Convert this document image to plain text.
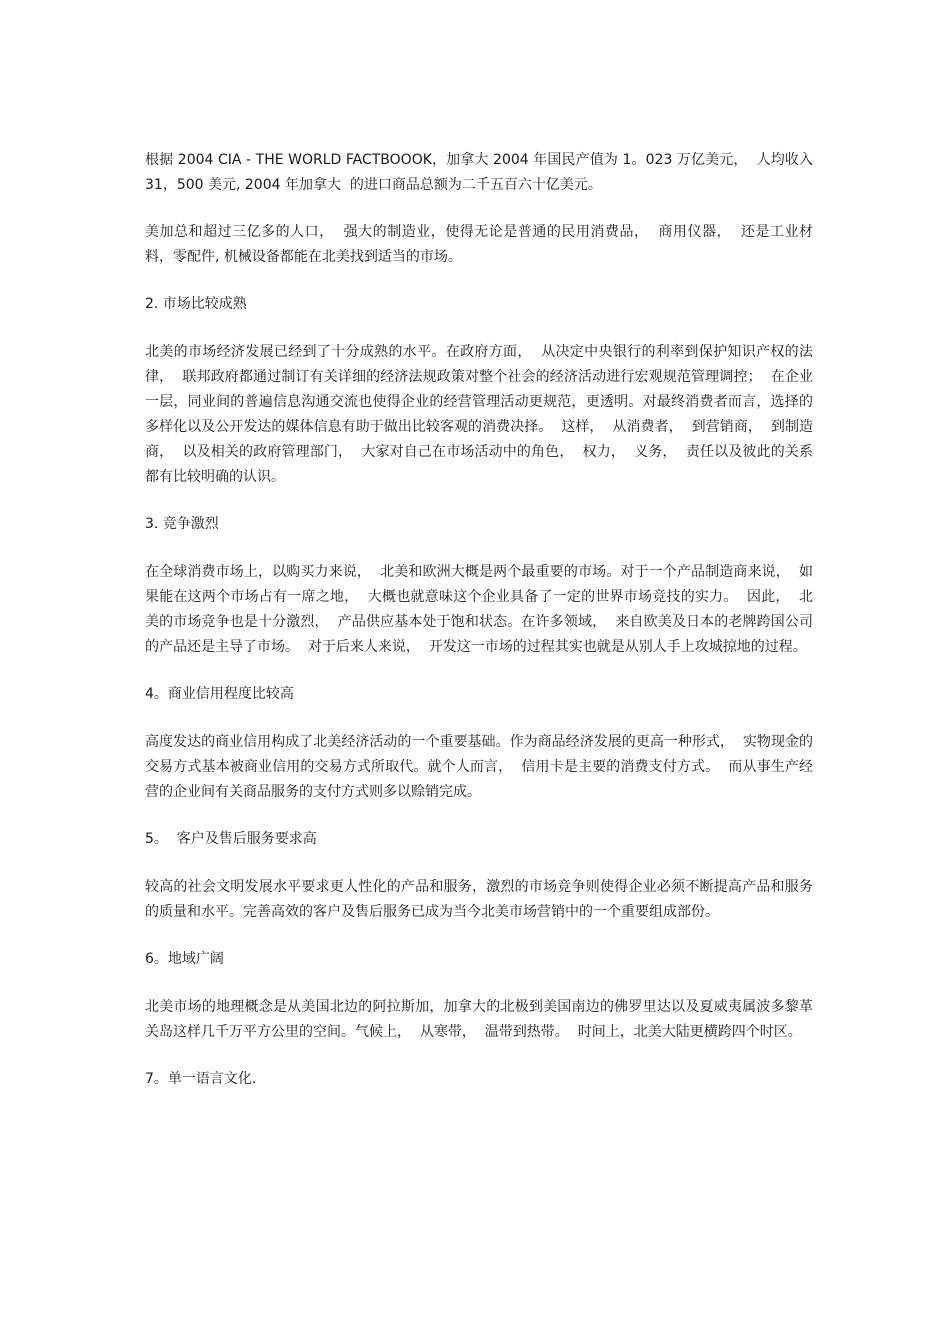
根据 2004 CIA - THE WORLD FACTBOOOK，加拿大 2004 年国民产值为 1。023 万亿美元，  人均收入  31，500 美元, 2004 年加拿大  的进口商品总额为二千五百六十亿美元。

美加总和超过三亿多的人口，  强大的制造业，使得无论是普通的民用消费品，  商用仪器，  还是工业材料，零配件, 机械设备都能在北美找到适当的市场。

2. 市场比较成熟

北美的市场经济发展已经到了十分成熟的水平。在政府方面，  从决定中央银行的利率到保护知识产权的法律，  联邦政府都通过制订有关详细的经济法规政策对整个社会的经济活动进行宏观规范管理调控；  在企业一层，同业间的普遍信息沟通交流也使得企业的经营管理活动更规范，更透明。对最终消费者而言，选择的多样化以及公开发达的媒体信息有助于做出比较客观的消费决择。  这样，  从消费者，  到营销商，  到制造商，  以及相关的政府管理部门，  大家对自己在市场活动中的角色，  权力，  义务，  责任以及彼此的关系都有比较明确的认识。

3. 竞争激烈

在全球消费市场上，以购买力来说，  北美和欧洲大概是两个最重要的市场。对于一个产品制造商来说，  如果能在这两个市场占有一席之地，  大概也就意味这个企业具备了一定的世界市场竞技的实力。  因此，  北美的市场竞争也是十分激烈，  产品供应基本处于饱和状态。在许多领域，  来自欧美及日本的老牌跨国公司的产品还是主导了市场。  对于后来人来说，  开发这一市场的过程其实也就是从别人手上攻城掠地的过程。

4。商业信用程度比较高

高度发达的商业信用构成了北美经济活动的一个重要基础。作为商品经济发展的更高一种形式，  实物现金的交易方式基本被商业信用的交易方式所取代。就个人而言，  信用卡是主要的消费支付方式。  而从事生产经营的企业间有关商品服务的支付方式则多以赊销完成。

5。  客户及售后服务要求高

较高的社会文明发展水平要求更人性化的产品和服务，激烈的市场竞争则使得企业必须不断提高产品和服务的质量和水平。完善高效的客户及售后服务已成为当今北美市场营销中的一个重要组成部份。

6。地域广阔

北美市场的地理概念是从美国北边的阿拉斯加，加拿大的北极到美国南边的佛罗里达以及夏威夷属波多黎革关岛这样几千万平方公里的空间。气候上，  从寒带，  温带到热带。  时间上，北美大陆更横跨四个时区。

7。单一语言文化.
